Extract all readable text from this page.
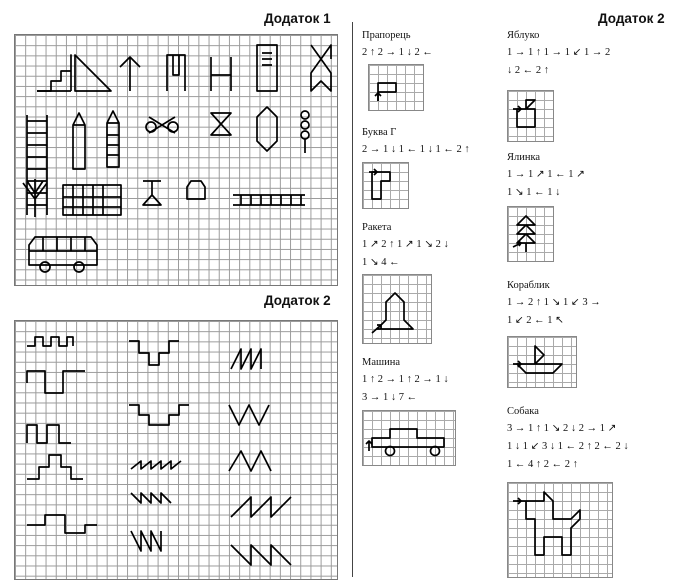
Додаток 1
Додаток 2
Додаток 2
Прапорець
2 ↑ 2 → 1 ↓ 2 ←
Буква Г
2 → 1 ↓ 1 ← 1 ↓ 1 ← 2 ↑
Ракета
1 ↗ 2 ↑ 1 ↗ 1 ↘ 2 ↓
1 ↘ 4 ←
Машина
1 ↑ 2 → 1 ↑ 2 → 1 ↓
3 → 1 ↓ 7 ←
Яблуко
1 → 1 ↑ 1 → 1 ↙ 1 → 2
↓ 2 ← 2 ↑
Ялинка
1 → 1 ↗ 1 ← 1 ↗
1 ↘ 1 ← 1 ↓
Кораблик
1 → 2 ↑ 1 ↘ 1 ↙ 3 →
1 ↙ 2 ← 1 ↖
Собака
3 → 1 ↑ 1 ↘ 2 ↓ 2 → 1 ↗
1 ↓ 1 ↙ 3 ↓ 1 ← 2 ↑ 2 ← 2 ↓
1 ← 4 ↑ 2 ← 2 ↑
